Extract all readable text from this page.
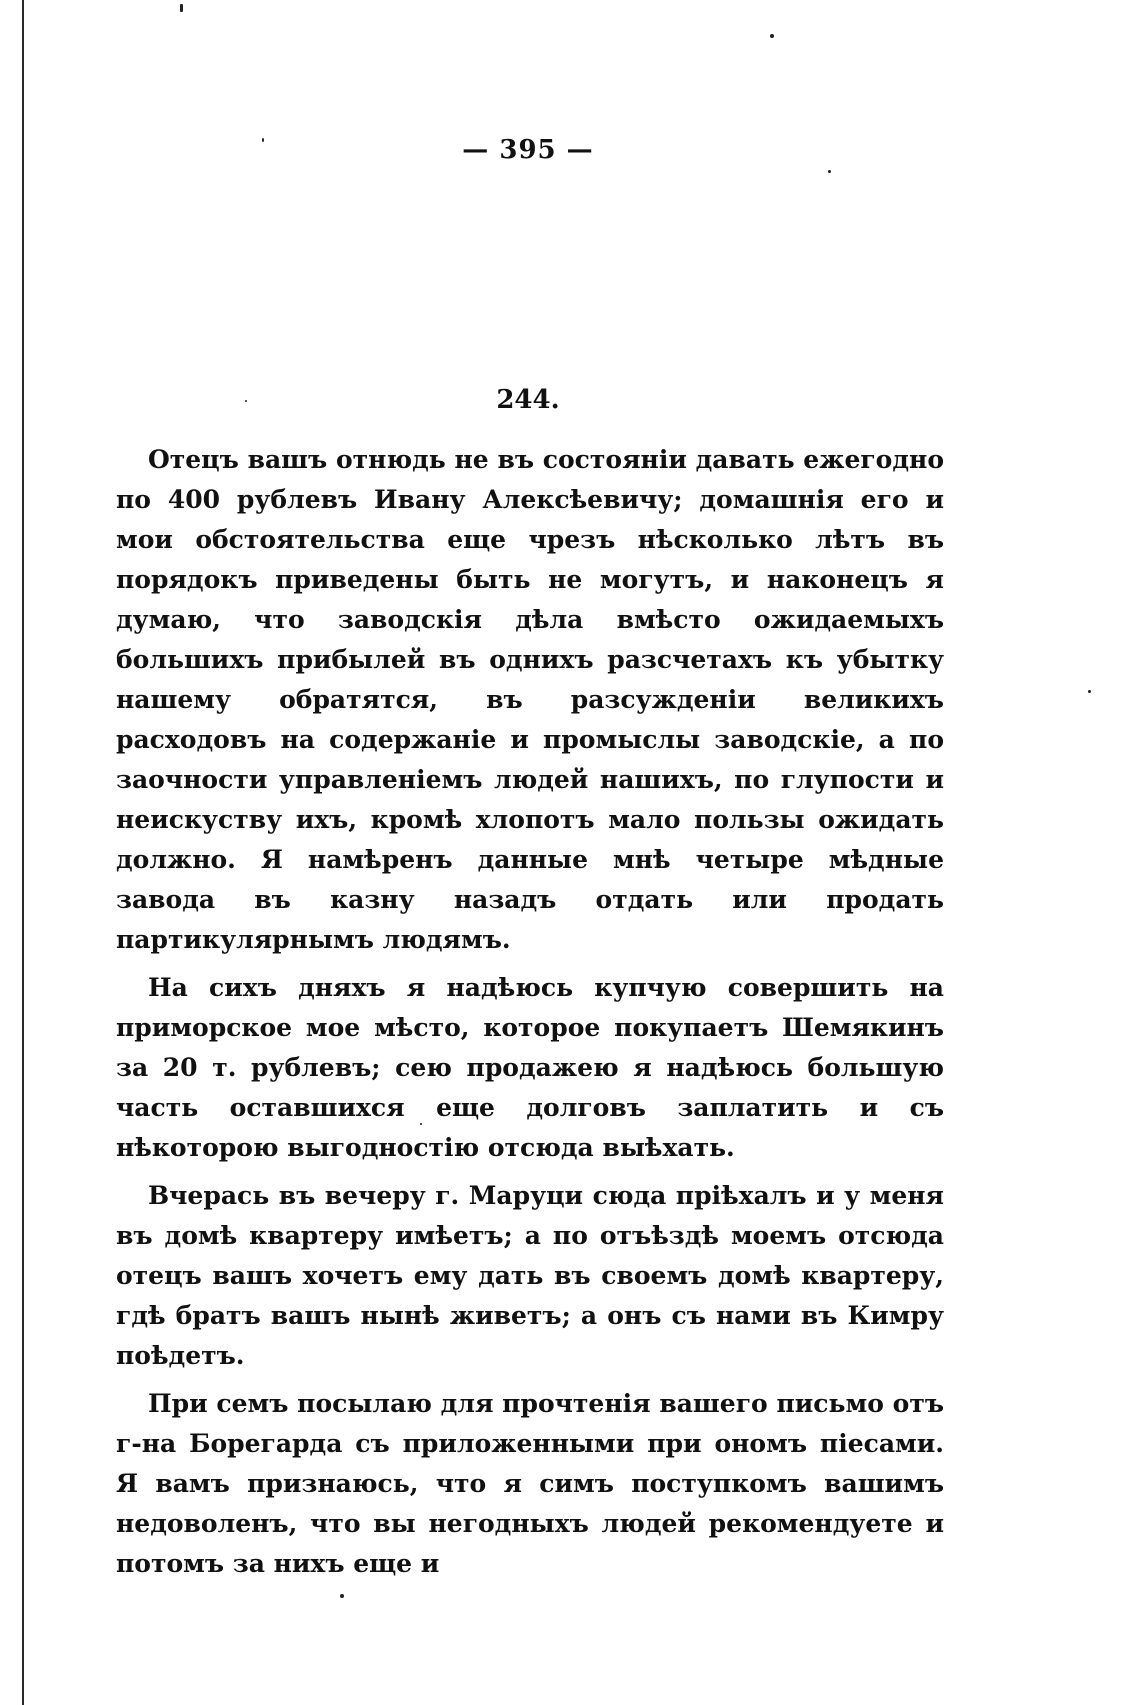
— 395 —
244.

Отецъ вашъ отнюдь не въ состоянiи давать ежегодно по 400 рублевъ Ивану Алексѣевичу; домашнiя его и мои обстоятельства еще чрезъ нѣсколько лѣтъ въ порядокъ приведены быть не могутъ, и наконецъ я думаю, что заводскiя дѣла вмѣсто ожидаемыхъ большихъ прибылей въ однихъ разсчетахъ къ убытку нашему обратятся, въ разсужденiи великихъ расходовъ на содержанiе и промыслы заводскiе, а по заочности управленiемъ людей нашихъ, по глупости и неискуству ихъ, кромѣ хлопотъ мало пользы ожидать должно. Я намѣренъ данные мнѣ четыре мѣдные завода въ казну назадъ отдать или продать партикулярнымъ людямъ.

На сихъ дняхъ я надѣюсь купчую совершить на приморское мое мѣсто, которое покупаетъ Шемякинъ за 20 т. рублевъ; сею продажею я надѣюсь большую часть оставшихся еще долговъ заплатить и съ нѣкоторою выгодностiю отсюда выѣхать.

Вчерась въ вечеру г. Маруци сюда прiѣхалъ и у меня въ домѣ квартеру имѣетъ; а по отъѣздѣ моемъ отсюда отецъ вашъ хочетъ ему дать въ своемъ домѣ квартеру, гдѣ братъ вашъ нынѣ живетъ; а онъ съ нами въ Кимру поѣдетъ.

При семъ посылаю для прочтенiя вашего письмо отъ г-на Борегарда съ приложенными при ономъ пiесами. Я вамъ признаюсь, что я симъ поступкомъ вашимъ недоволенъ, что вы негодныхъ людей рекомендуете и потомъ за нихъ еще и
